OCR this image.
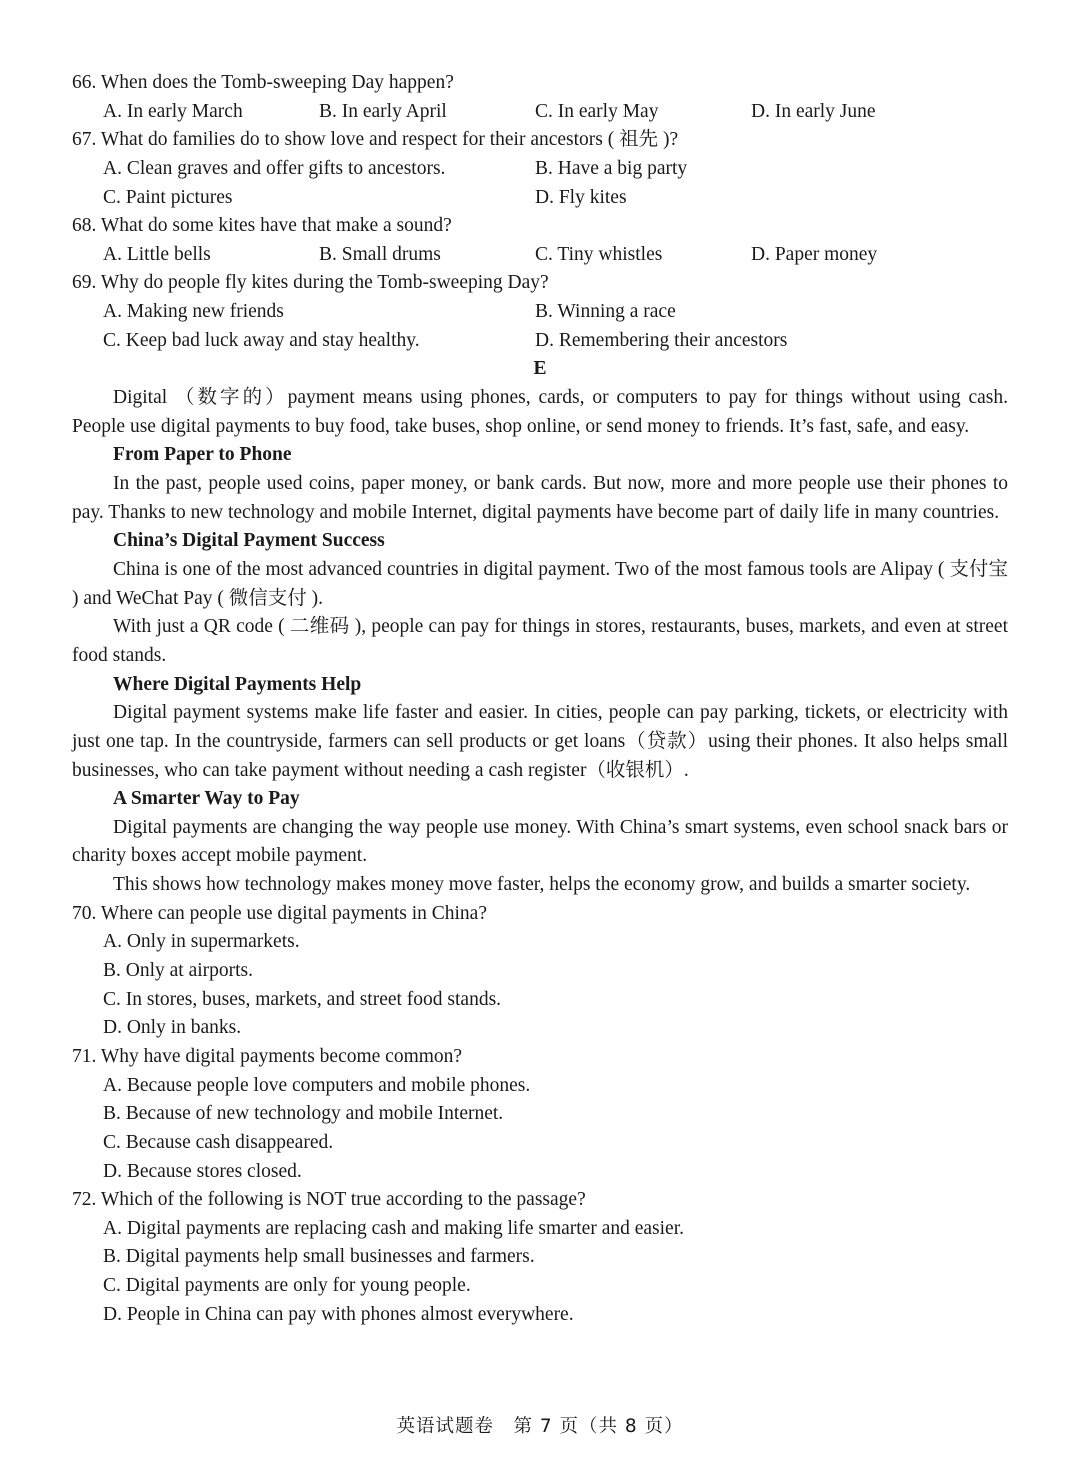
66. When does the Tomb-sweeping Day happen?
A. In early March	B. In early April	C. In early May	D. In early June
67. What do families do to show love and respect for their ancestors ( 祖先 )?
A. Clean graves and offer gifts to ancestors.	B. Have a big party
C. Paint pictures	D. Fly kites
68. What do some kites have that make a sound?
A. Little bells	B. Small drums	C. Tiny whistles	D. Paper money
69. Why do people fly kites during the Tomb-sweeping Day?
A. Making new friends	B. Winning a race
C. Keep bad luck away and stay healthy.	D. Remembering their ancestors
E
Digital （数字的）payment means using phones, cards, or computers to pay for things without using cash. People use digital payments to buy food, take buses, shop online, or send money to friends. It’s fast, safe, and easy.
From Paper to Phone
In the past, people used coins, paper money, or bank cards. But now, more and more people use their phones to pay. Thanks to new technology and mobile Internet, digital payments have become part of daily life in many countries.
China’s Digital Payment Success
China is one of the most advanced countries in digital payment. Two of the most famous tools are Alipay ( 支付宝 ) and WeChat Pay ( 微信支付 ).
With just a QR code ( 二维码 ), people can pay for things in stores, restaurants, buses, markets, and even at street food stands.
Where Digital Payments Help
Digital payment systems make life faster and easier. In cities, people can pay parking, tickets, or electricity with just one tap. In the countryside, farmers can sell products or get loans（贷款）using their phones. It also helps small businesses, who can take payment without needing a cash register（收银机）.
A Smarter Way to Pay
Digital payments are changing the way people use money. With China’s smart systems, even school snack bars or charity boxes accept mobile payment.
This shows how technology makes money move faster, helps the economy grow, and builds a smarter society.
70. Where can people use digital payments in China?
A. Only in supermarkets.
B. Only at airports.
C. In stores, buses, markets, and street food stands.
D. Only in banks.
71. Why have digital payments become common?
A. Because people love computers and mobile phones.
B. Because of new technology and mobile Internet.
C. Because cash disappeared.
D. Because stores closed.
72. Which of the following is NOT true according to the passage?
A. Digital payments are replacing cash and making life smarter and easier.
B. Digital payments help small businesses and farmers.
C. Digital payments are only for young people.
D. People in China can pay with phones almost everywhere.
英语试题卷　第 7 页（共 8 页）
